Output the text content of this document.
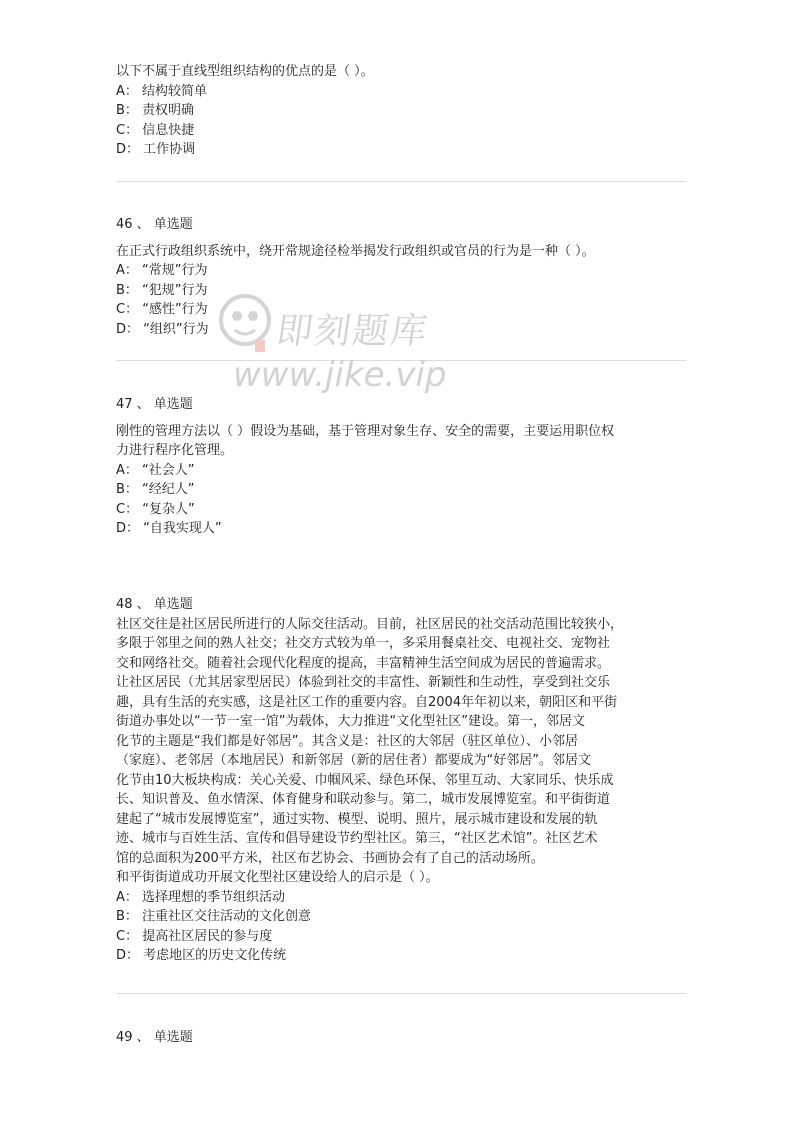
以下不属于直线型组织结构的优点的是（ ）。
A： 结构较简单
B： 责权明确
C： 信息快捷
D： 工作协调
46 、 单选题
在正式行政组织系统中，绕开常规途径检举揭发行政组织或官员的行为是一种（ ）。
A： “常规”行为
B： “犯规”行为
C： “感性”行为
D： “组织”行为
47 、 单选题
刚性的管理方法以（ ）假设为基础，基于管理对象生存、安全的需要，主要运用职位权
力进行程序化管理。
A： “社会人”
B： “经纪人”
C： “复杂人”
D： “自我实现人”
48 、 单选题
社区交往是社区居民所进行的人际交往活动。目前，社区居民的社交活动范围比较狭小，
多限于邻里之间的熟人社交；社交方式较为单一，多采用餐桌社交、电视社交、宠物社
交和网络社交。随着社会现代化程度的提高，丰富精神生活空间成为居民的普遍需求。
让社区居民（尤其居家型居民）体验到社交的丰富性、新颖性和生动性，享受到社交乐
趣，具有生活的充实感，这是社区工作的重要内容。自2004年年初以来，朝阳区和平街
街道办事处以“一节一室一馆”为载体，大力推进“文化型社区”建设。第一，邻居文
化节的主题是“我们都是好邻居”。其含义是：社区的大邻居（驻区单位）、小邻居
（家庭）、老邻居（本地居民）和新邻居（新的居住者）都要成为“好邻居”。邻居文
化节由10大板块构成：关心关爱、巾帼风采、绿色环保、邻里互动、大家同乐、快乐成
长、知识普及、鱼水情深、体育健身和联动参与。第二，城市发展博览室。和平街街道
建起了“城市发展博览室”，通过实物、模型、说明、照片，展示城市建设和发展的轨
迹、城市与百姓生活、宣传和倡导建设节约型社区。第三，“社区艺术馆”。社区艺术
馆的总面积为200平方米，社区布艺协会、书画协会有了自己的活动场所。
和平街街道成功开展文化型社区建设给人的启示是（ ）。
A： 选择理想的季节组织活动
B： 注重社区交往活动的文化创意
C： 提高社区居民的参与度
D： 考虑地区的历史文化传统
49 、 单选题
即刻题库
www.jike.vip
